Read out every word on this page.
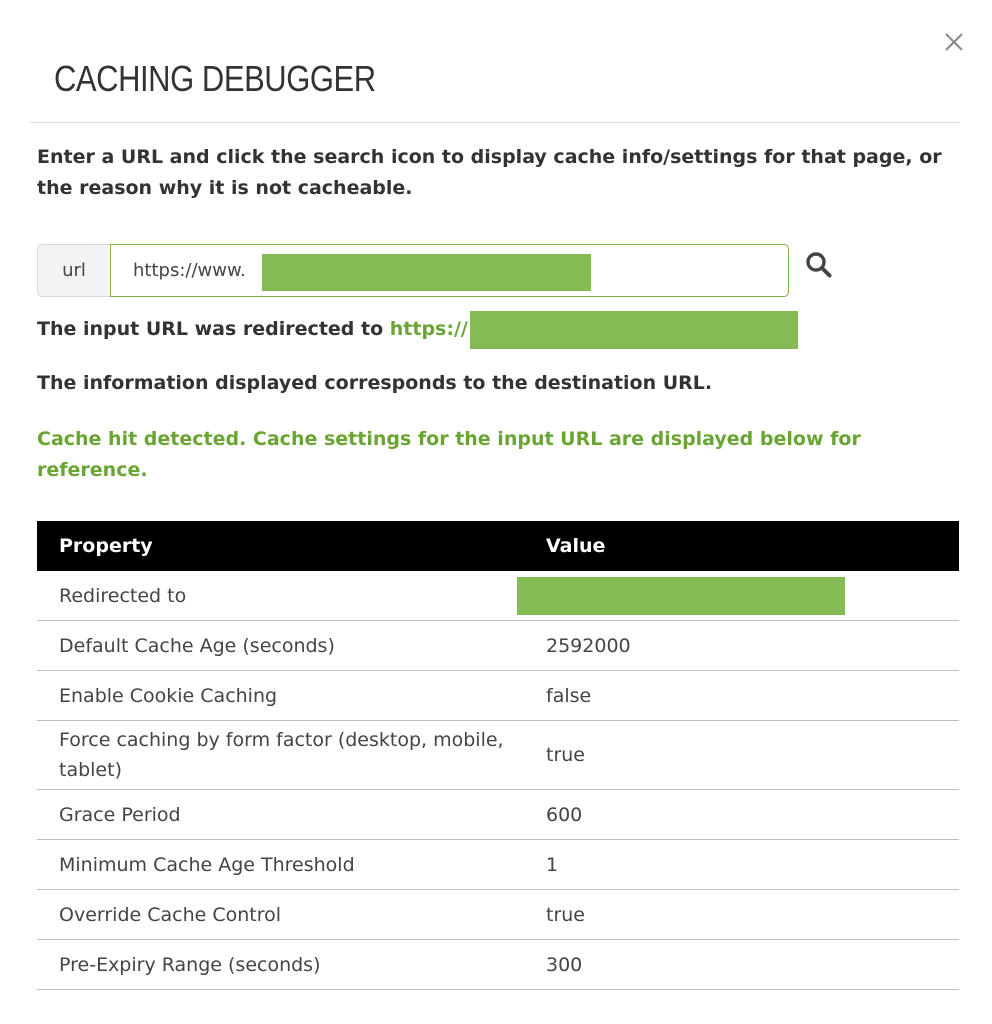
CACHING DEBUGGER

Enter a URL and click the search icon to display cache info/settings for that page, or the reason why it is not cacheable.

url
https://www.

The input URL was redirected to https://

The information displayed corresponds to the destination URL.

Cache hit detected. Cache settings for the input URL are displayed below for reference.

Property	Value
Redirected to	
Default Cache Age (seconds)	2592000
Enable Cookie Caching	false
Force caching by form factor (desktop, mobile, tablet)	true
Grace Period	600
Minimum Cache Age Threshold	1
Override Cache Control	true
Pre-Expiry Range (seconds)	300
